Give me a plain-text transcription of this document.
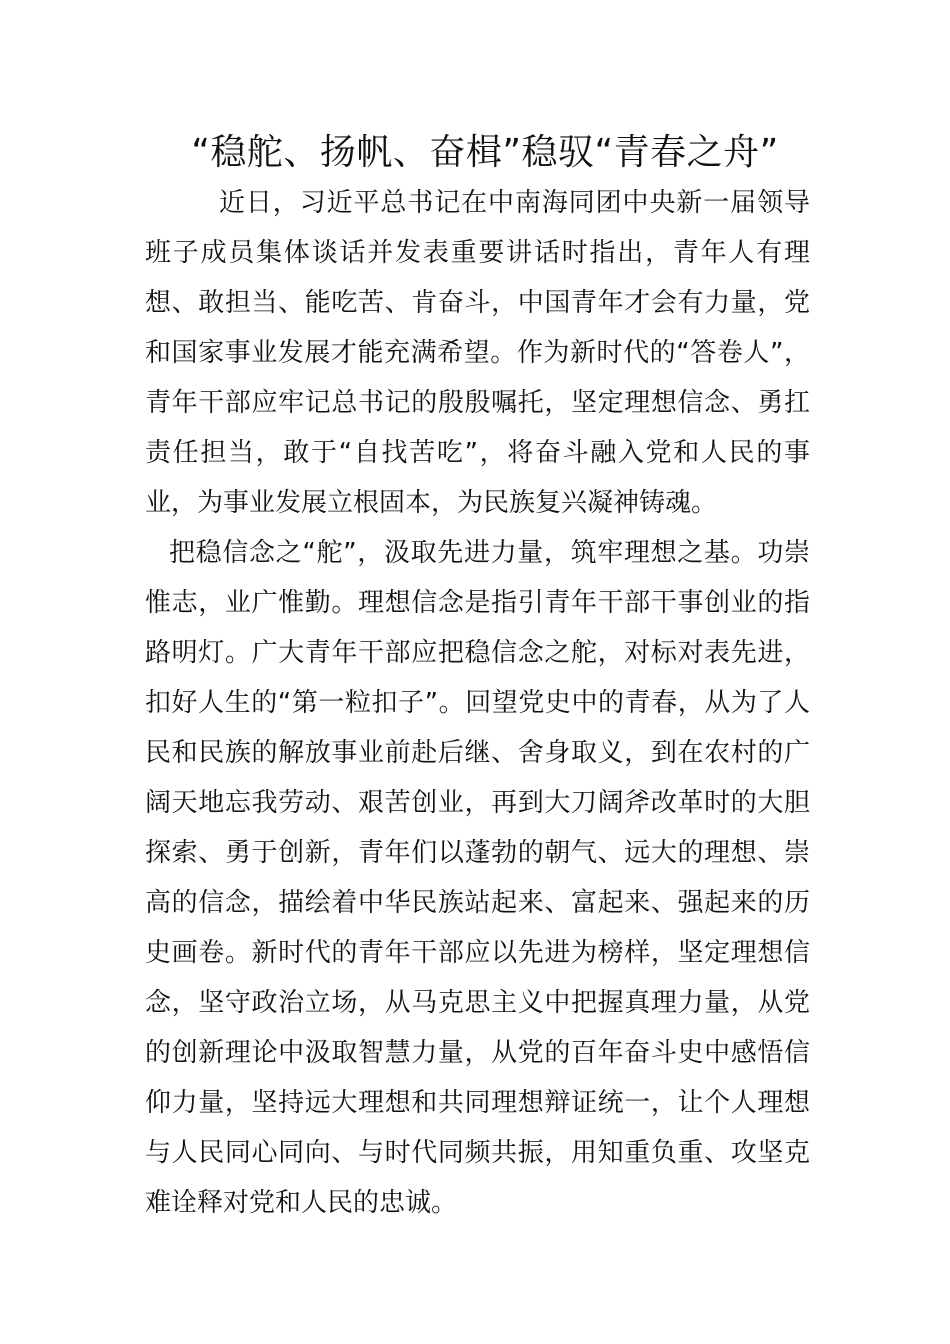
“稳舵、扬帆、奋楫”稳驭“青春之舟”

近日，习近平总书记在中南海同团中央新一届领导班子成员集体谈话并发表重要讲话时指出，青年人有理想、敢担当、能吃苦、肯奋斗，中国青年才会有力量，党和国家事业发展才能充满希望。作为新时代的“答卷人”，青年干部应牢记总书记的殷殷嘱托，坚定理想信念、勇扛责任担当，敢于“自找苦吃”，将奋斗融入党和人民的事业，为事业发展立根固本，为民族复兴凝神铸魂。

把稳信念之“舵”，汲取先进力量，筑牢理想之基。功崇惟志，业广惟勤。理想信念是指引青年干部干事创业的指路明灯。广大青年干部应把稳信念之舵，对标对表先进，扣好人生的“第一粒扣子”。回望党史中的青春，从为了人民和民族的解放事业前赴后继、舍身取义，到在农村的广阔天地忘我劳动、艰苦创业，再到大刀阔斧改革时的大胆探索、勇于创新，青年们以蓬勃的朝气、远大的理想、崇高的信念，描绘着中华民族站起来、富起来、强起来的历史画卷。新时代的青年干部应以先进为榜样，坚定理想信念，坚守政治立场，从马克思主义中把握真理力量，从党的创新理论中汲取智慧力量，从党的百年奋斗史中感悟信仰力量，坚持远大理想和共同理想辩证统一，让个人理想与人民同心同向、与时代同频共振，用知重负重、攻坚克难诠释对党和人民的忠诚。
